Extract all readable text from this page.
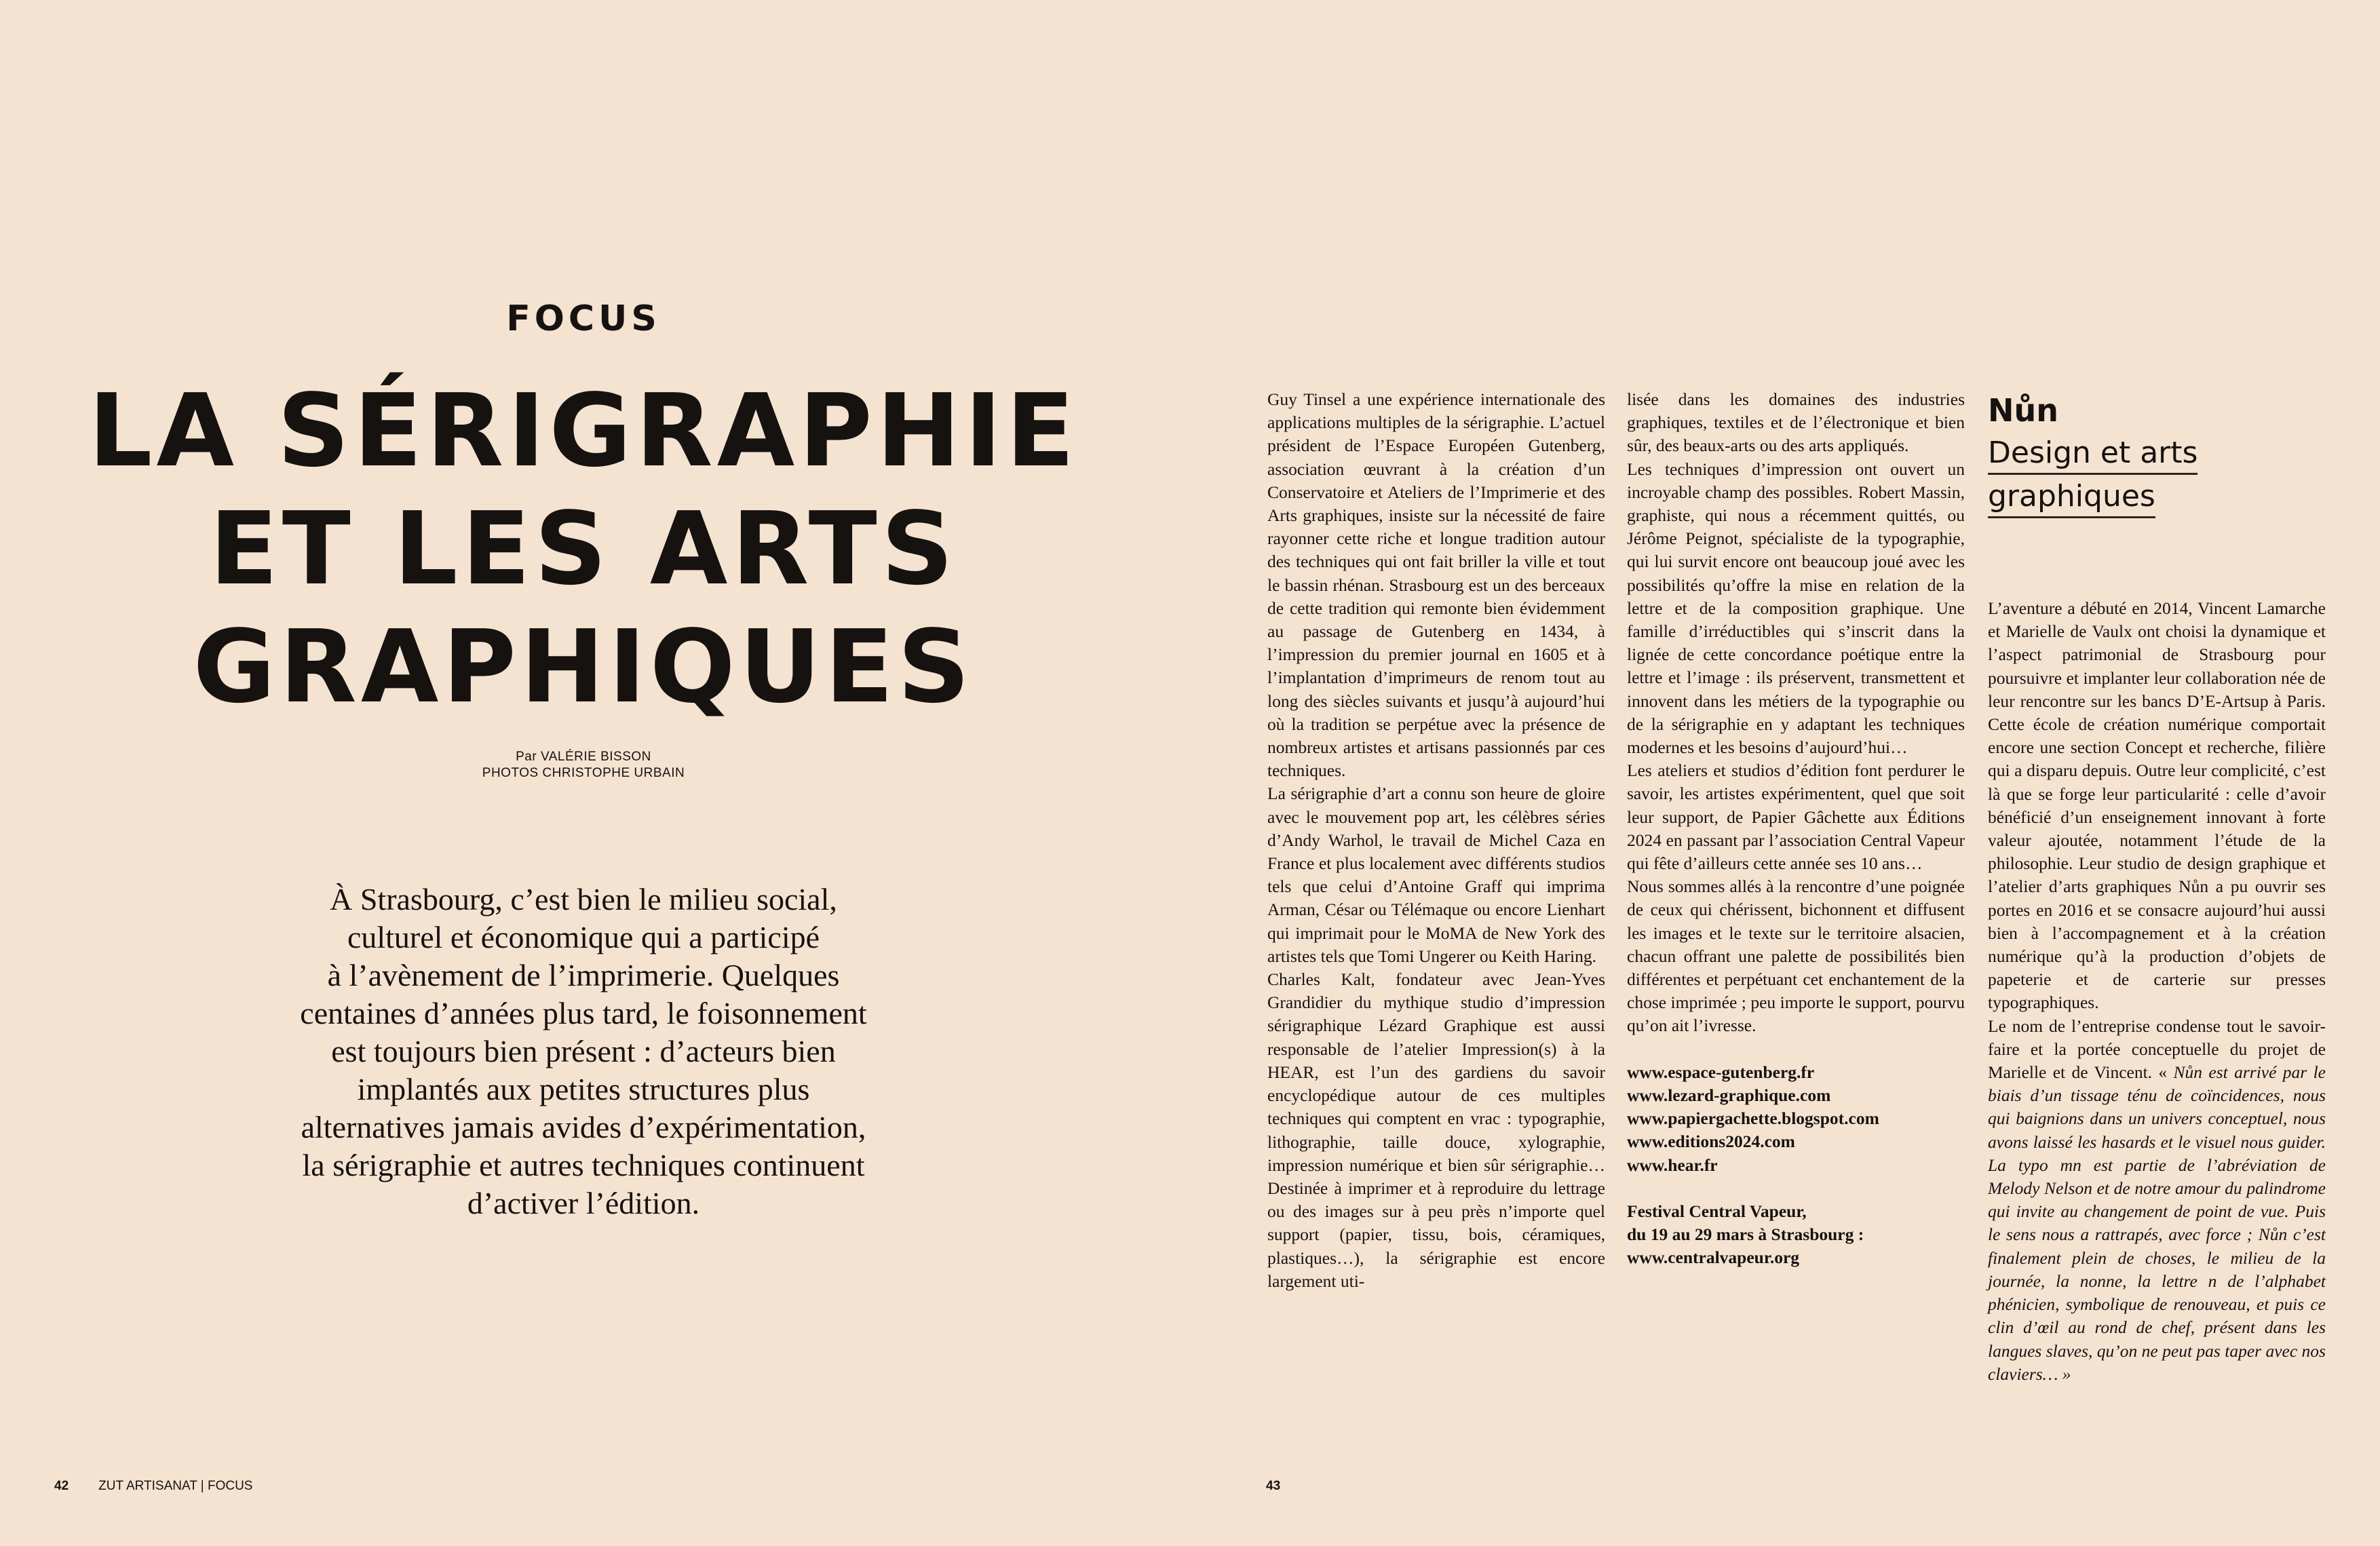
FOCUS
LA SÉRIGRAPHIE
ET LES ARTS
GRAPHIQUES
Par VALÉRIE BISSON
PHOTOS CHRISTOPHE URBAIN
À Strasbourg, c’est bien le milieu social,
culturel et économique qui a participé
à l’avènement de l’imprimerie. Quelques
centaines d’années plus tard, le foisonnement
est toujours bien présent : d’acteurs bien
implantés aux petites structures plus
alternatives jamais avides d’expérimentation,
la sérigraphie et autres techniques continuent
d’activer l’édition.
42 ZUT ARTISANAT | FOCUS

Guy Tinsel a une expérience internationale des applications multiples de la sérigraphie. L’actuel président de l’Espace Européen Gutenberg, association œuvrant à la création d’un Conservatoire et Ateliers de l’Imprimerie et des Arts graphiques, insiste sur la nécessité de faire rayonner cette riche et longue tradition autour des techniques qui ont fait briller la ville et tout le bassin rhénan. Strasbourg est un des berceaux de cette tradition qui remonte bien évidemment au passage de Gutenberg en 1434, à l’impression du premier journal en 1605 et à l’implantation d’imprimeurs de renom tout au long des siècles suivants et jusqu’à aujourd’hui où la tradition se perpétue avec la présence de nombreux artistes et artisans passionnés par ces techniques.

La sérigraphie d’art a connu son heure de gloire avec le mouvement pop art, les célèbres séries d’Andy Warhol, le travail de Michel Caza en France et plus localement avec différents studios tels que celui d’Antoine Graff qui imprima Arman, César ou Télémaque ou encore Lienhart qui imprimait pour le MoMA de New York des artistes tels que Tomi Ungerer ou Keith Haring.

Charles Kalt, fondateur avec Jean-Yves Grandidier du mythique studio d’impression sérigraphique Lézard Graphique est aussi responsable de l’atelier Impression(s) à la HEAR, est l’un des gardiens du savoir encyclopédique autour de ces multiples techniques qui comptent en vrac : typographie, lithographie, taille douce, xylographie, impression numérique et bien sûr sérigraphie… Destinée à imprimer et à reproduire du lettrage ou des images sur à peu près n’importe quel support (papier, tissu, bois, céramiques, plastiques…), la sérigraphie est encore largement uti-

lisée dans les domaines des industries graphiques, textiles et de l’électronique et bien sûr, des beaux-arts ou des arts appliqués.

Les techniques d’impression ont ouvert un incroyable champ des possibles. Robert Massin, graphiste, qui nous a récemment quittés, ou Jérôme Peignot, spécialiste de la typographie, qui lui survit encore ont beaucoup joué avec les possibilités qu’offre la mise en relation de la lettre et de la composition graphique. Une famille d’irréductibles qui s’inscrit dans la lignée de cette concordance poétique entre la lettre et l’image : ils préservent, transmettent et innovent dans les métiers de la typographie ou de la sérigraphie en y adaptant les techniques modernes et les besoins d’aujourd’hui…

Les ateliers et studios d’édition font perdurer le savoir, les artistes expérimentent, quel que soit leur support, de Papier Gâchette aux Éditions 2024 en passant par l’association Central Vapeur qui fête d’ailleurs cette année ses 10 ans…

Nous sommes allés à la rencontre d’une poignée de ceux qui chérissent, bichonnent et diffusent les images et le texte sur le territoire alsacien, chacun offrant une palette de possibilités bien différentes et perpétuant cet enchantement de la chose imprimée ; peu importe le support, pourvu qu’on ait l’ivresse.

www.espace-gutenberg.fr
www.lezard-graphique.com
www.papiergachette.blogspot.com
www.editions2024.com
www.hear.fr
Festival Central Vapeur,
du 19 au 29 mars à Strasbourg :
www.centralvapeur.org
Nůn
Design et arts
graphiques

L’aventure a débuté en 2014, Vincent Lamarche et Marielle de Vaulx ont choisi la dynamique et l’aspect patrimonial de Strasbourg pour poursuivre et implanter leur collaboration née de leur rencontre sur les bancs D’E-Artsup à Paris. Cette école de création numérique comportait encore une section Concept et recherche, filière qui a disparu depuis. Outre leur complicité, c’est là que se forge leur particularité : celle d’avoir bénéficié d’un enseignement innovant à forte valeur ajoutée, notamment l’étude de la philosophie. Leur studio de design graphique et l’atelier d’arts graphiques Nůn a pu ouvrir ses portes en 2016 et se consacre aujourd’hui aussi bien à l’accompagnement et à la création numérique qu’à la production d’objets de papeterie et de carterie sur presses typographiques.

Le nom de l’entreprise condense tout le savoir-faire et la portée conceptuelle du projet de Marielle et de Vincent. « Nůn est arrivé par le biais d’un tissage ténu de coïncidences, nous qui baignions dans un univers conceptuel, nous avons laissé les hasards et le visuel nous guider. La typo mn est partie de l’abréviation de Melody Nelson et de notre amour du palindrome qui invite au changement de point de vue. Puis le sens nous a rattrapés, avec force ; Nůn c’est finalement plein de choses, le milieu de la journée, la nonne, la lettre n de l’alphabet phénicien, symbolique de renouveau, et puis ce clin d’œil au rond de chef, présent dans les langues slaves, qu’on ne peut pas taper avec nos claviers… »

43
